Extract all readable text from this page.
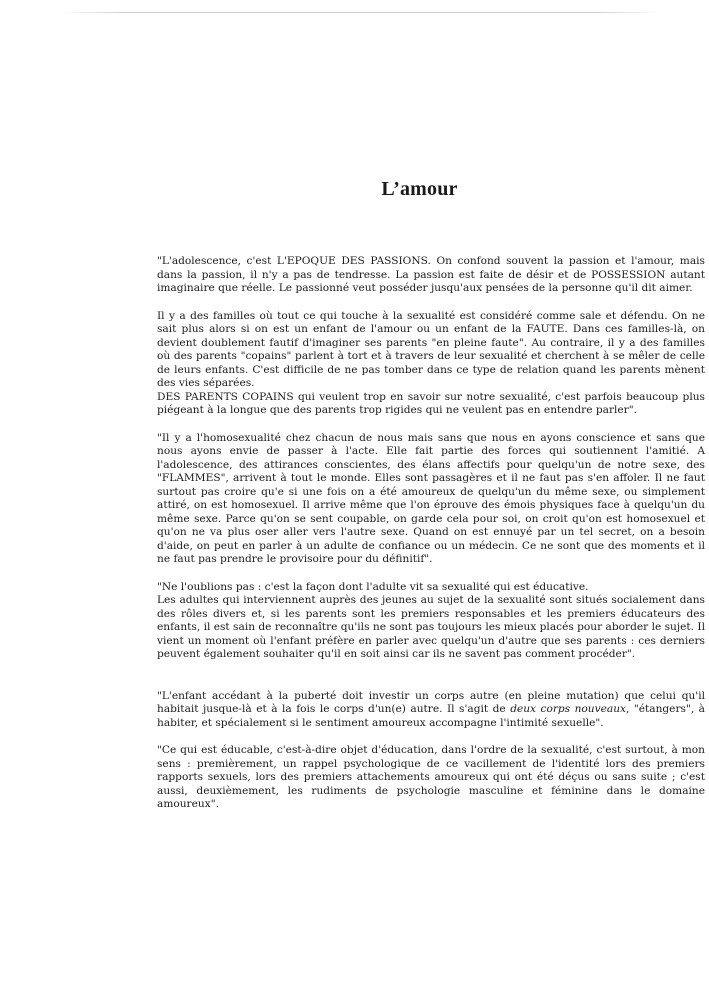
L’amour

"L'adolescence, c'est L'EPOQUE DES PASSIONS. On confond souvent la passion et l'amour, mais dans la passion, il n'y a pas de tendresse. La passion est faite de désir et de POSSESSION autant imaginaire que réelle. Le passionné veut posséder jusqu'aux pensées de la personne qu'il dit aimer.

Il y a des familles où tout ce qui touche à la sexualité est considéré comme sale et défendu. On ne sait plus alors si on est un enfant de l'amour ou un enfant de la FAUTE. Dans ces familles-là, on devient doublement fautif d'imaginer ses parents "en pleine faute". Au contraire, il y a des familles où des parents "copains" parlent à tort et à travers de leur sexualité et cherchent à se mêler de celle de leurs enfants. C'est difficile de ne pas tomber dans ce type de relation quand les parents mènent des vies séparées.

DES PARENTS COPAINS qui veulent trop en savoir sur notre sexualité, c'est parfois beaucoup plus piégeant à la longue que des parents trop rigides qui ne veulent pas en entendre parler".

"Il y a l'homosexualité chez chacun de nous mais sans que nous en ayons conscience et sans que nous ayons envie de passer à l'acte. Elle fait partie des forces qui soutiennent l'amitié. A l'adolescence, des attirances conscientes, des élans affectifs pour quelqu'un de notre sexe, des "FLAMMES", arrivent à tout le monde. Elles sont passagères et il ne faut pas s'en affoler. Il ne faut surtout pas croire qu'e si une fois on a été amoureux de quelqu'un du même sexe, ou simplement attiré, on est homosexuel. Il arrive même que l'on éprouve des émois physiques face à quelqu'un du même sexe. Parce qu'on se sent coupable, on garde cela pour soi, on croit qu'on est homosexuel et qu'on ne va plus oser aller vers l'autre sexe. Quand on est ennuyé par un tel secret, on a besoin d'aide, on peut en parler à un adulte de confiance ou un médecin. Ce ne sont que des moments et il ne faut pas prendre le provisoire pour du définitif".

"Ne l'oublions pas : c'est la façon dont l'adulte vit sa sexualité qui est éducative.

Les adultes qui interviennent auprès des jeunes au sujet de la sexualité sont situés socialement dans des rôles divers et, si les parents sont les premiers responsables et les premiers éducateurs des enfants, il est sain de reconnaître qu'ils ne sont pas toujours les mieux placés pour aborder le sujet. Il vient un moment où l'enfant préfère en parler avec quelqu'un d'autre que ses parents : ces derniers peuvent également souhaiter qu'il en soit ainsi car ils ne savent pas comment procéder".

"L'enfant accédant à la puberté doit investir un corps autre (en pleine mutation) que celui qu'il habitait jusque-là et à la fois le corps d'un(e) autre. Il s'agit de deux corps nouveaux, "étangers", à habiter, et spécialement si le sentiment amoureux accompagne l'intimité sexuelle".

"Ce qui est éducable, c'est-à-dire objet d'éducation, dans l'ordre de la sexualité, c'est surtout, à mon sens : premièrement, un rappel psychologique de ce vacillement de l'identité lors des premiers rapports sexuels, lors des premiers attachements amoureux qui ont été déçus ou sans suite ; c'est aussi, deuxièmement, les rudiments de psychologie masculine et féminine dans le domaine amoureux".
